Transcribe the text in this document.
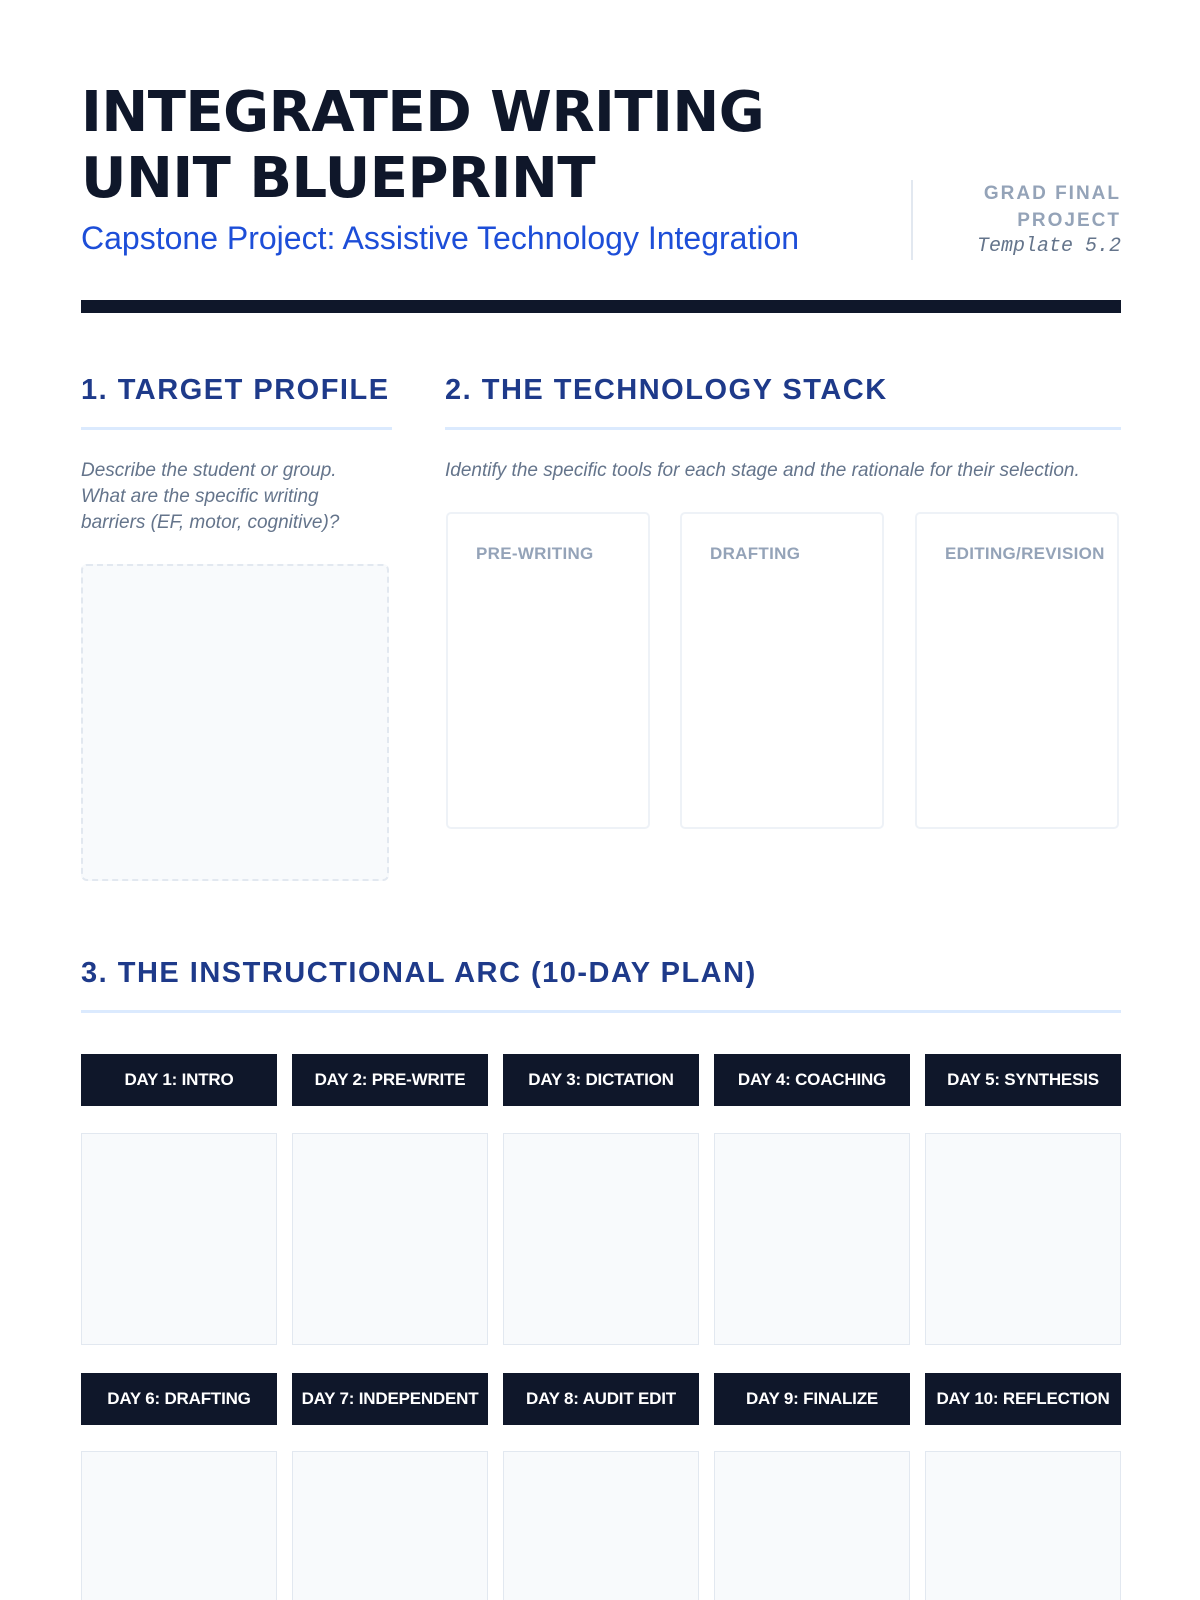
INTEGRATED WRITING
UNIT BLUEPRINT
Capstone Project: Assistive Technology Integration
GRAD FINAL
PROJECT
Template 5.2
1. TARGET PROFILE
Describe the student or group. What are the specific writing barriers (EF, motor, cognitive)?
2. THE TECHNOLOGY STACK
Identify the specific tools for each stage and the rationale for their selection.
PRE-WRITING	DRAFTING	EDITING/REVISION
3. THE INSTRUCTIONAL ARC (10-DAY PLAN)
DAY 1: INTRO	DAY 2: PRE-WRITE	DAY 3: DICTATION	DAY 4: COACHING	DAY 5: SYNTHESIS
DAY 6: DRAFTING	DAY 7: INDEPENDENT	DAY 8: AUDIT EDIT	DAY 9: FINALIZE	DAY 10: REFLECTION
